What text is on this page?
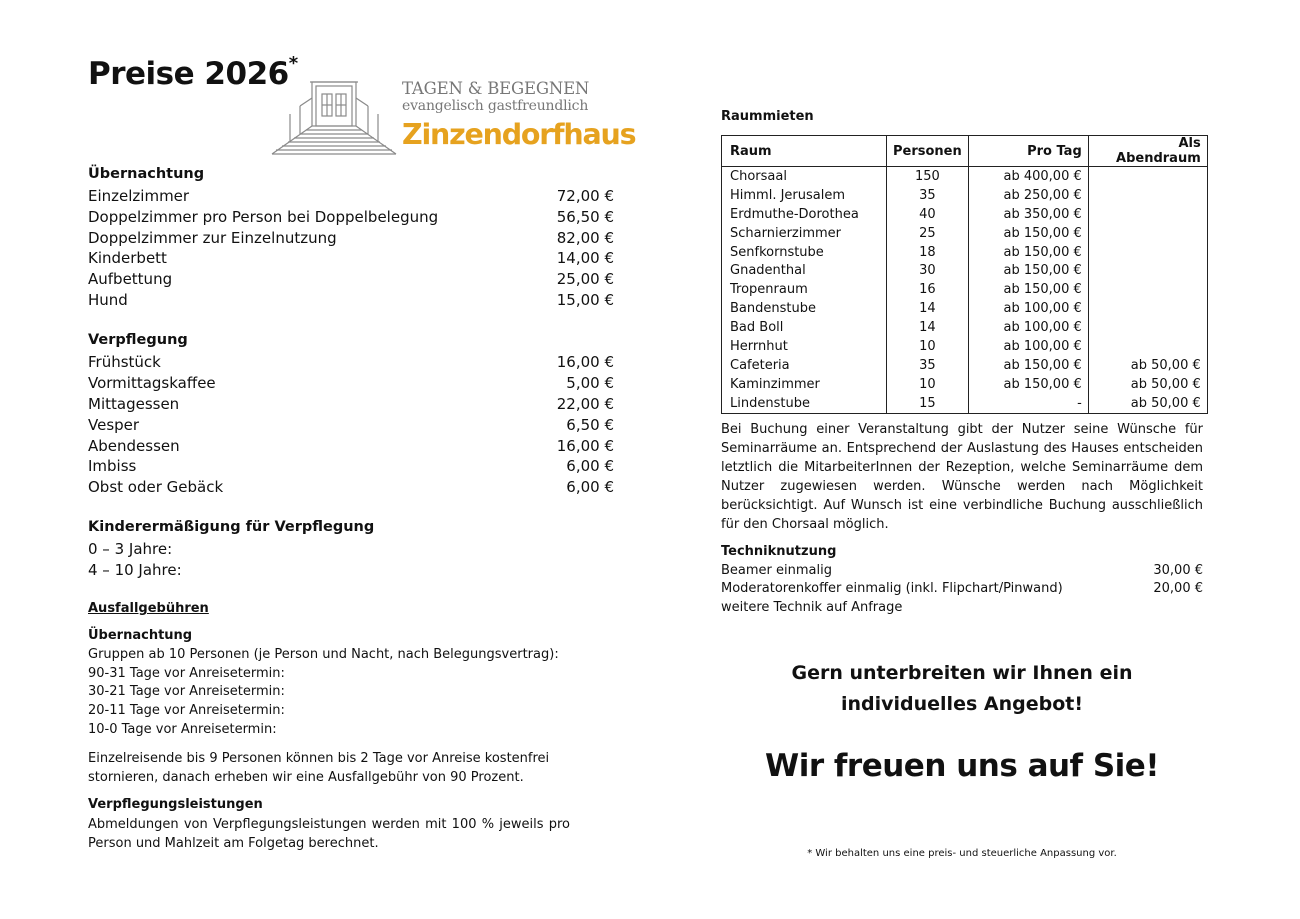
Preise 2026*
TAGEN & BEGEGNEN
evangelisch gastfreundlich
Zinzendorfhaus
Übernachtung
Einzelzimmer	72,00 €
Doppelzimmer pro Person bei Doppelbelegung	56,50 €
Doppelzimmer zur Einzelnutzung	82,00 €
Kinderbett	14,00 €
Aufbettung	25,00 €
Hund	15,00 €
Verpflegung
Frühstück	16,00 €
Vormittagskaffee	5,00 €
Mittagessen	22,00 €
Vesper	6,50 €
Abendessen	16,00 €
Imbiss	6,00 €
Obst oder Gebäck	6,00 €
Kinderermäßigung für Verpflegung
0 – 3 Jahre:
4 – 10 Jahre:
Ausfallgebühren
Übernachtung
Gruppen ab 10 Personen (je Person und Nacht, nach Belegungsvertrag):
90-31 Tage vor Anreisetermin:
30-21 Tage vor Anreisetermin:
20-11 Tage vor Anreisetermin:
10-0 Tage vor Anreisetermin:
Einzelreisende bis 9 Personen können bis 2 Tage vor Anreise kostenfrei
stornieren, danach erheben wir eine Ausfallgebühr von 90 Prozent.
Verpflegungsleistungen
Abmeldungen von Verpflegungsleistungen werden mit 100 % jeweils pro
Person und Mahlzeit am Folgetag berechnet.
Raummieten
Raum	Personen	Pro Tag	Als Abendraum
Chorsaal	150	ab 400,00 €	
Himml. Jerusalem	35	ab 250,00 €	
Erdmuthe-Dorothea	40	ab 350,00 €	
Scharnierzimmer	25	ab 150,00 €	
Senfkornstube	18	ab 150,00 €	
Gnadenthal	30	ab 150,00 €	
Tropenraum	16	ab 150,00 €	
Bandenstube	14	ab 100,00 €	
Bad Boll	14	ab 100,00 €	
Herrnhut	10	ab 100,00 €	
Cafeteria	35	ab 150,00 €	ab 50,00 €
Kaminzimmer	10	ab 150,00 €	ab 50,00 €
Lindenstube	15	-	ab 50,00 €
Bei Buchung einer Veranstaltung gibt der Nutzer seine Wünsche für Seminarräume an. Entsprechend der Auslastung des Hauses entscheiden letztlich die MitarbeiterInnen der Rezeption, welche Seminarräume dem Nutzer zugewiesen werden. Wünsche werden nach Möglichkeit berücksichtigt. Auf Wunsch ist eine verbindliche Buchung ausschließlich für den Chorsaal möglich.
Techniknutzung
Beamer einmalig	30,00 €
Moderatorenkoffer einmalig (inkl. Flipchart/Pinwand)	20,00 €
weitere Technik auf Anfrage
Gern unterbreiten wir Ihnen ein
individuelles Angebot!
Wir freuen uns auf Sie!
* Wir behalten uns eine preis- und steuerliche Anpassung vor.
